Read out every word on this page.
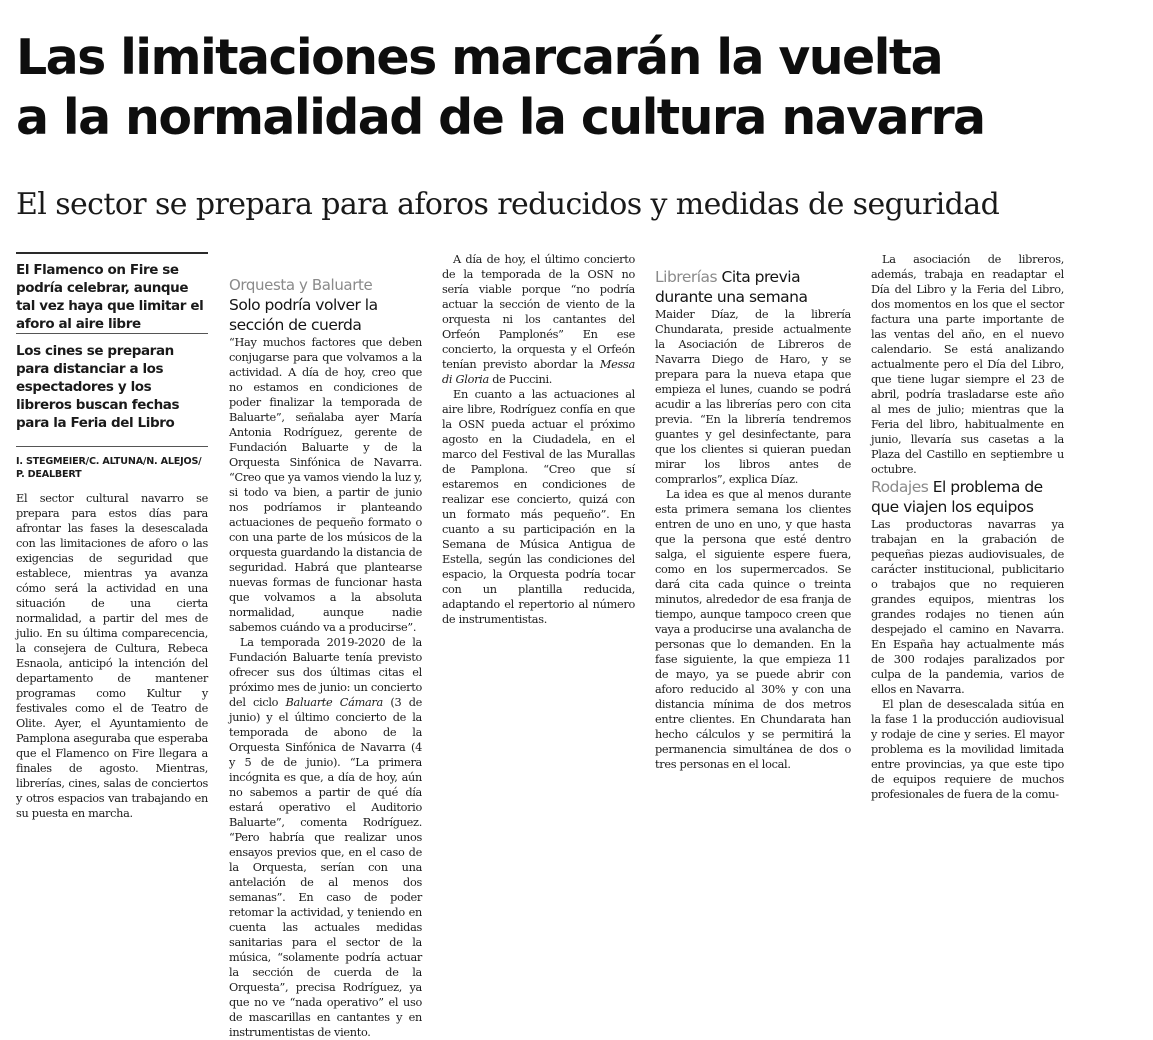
Las limitaciones marcarán la vuelta
a la normalidad de la cultura navarra
El sector se prepara para aforos reducidos y medidas de seguridad

El Flamenco on Fire se podría celebrar, aunque tal vez haya que limitar el aforo al aire libre

Los cines se preparan para distanciar a los espectadores y los libreros buscan fechas para la Feria del Libro

I. STEGMEIER/C. ALTUNA/N. ALEJOS/ P. DEALBERT

El sector cultural navarro se prepara para estos días para afrontar las fases la desescalada con las limitaciones de aforo o las exigencias de seguridad que establece, mientras ya avanza cómo será la actividad en una situación de una cierta normalidad, a partir del mes de julio. En su última comparecencia, la consejera de Cultura, Rebeca Esnaola, anticipó la intención del departamento de mantener programas como Kultur y festivales como el de Teatro de Olite. Ayer, el Ayuntamiento de Pamplona aseguraba que esperaba que el Flamenco on Fire llegara a finales de agosto. Mientras, librerías, cines, salas de conciertos y otros espacios van trabajando en su puesta en marcha.

Orquesta y Baluarte

Solo podría volver la sección de cuerda

“Hay muchos factores que deben conjugarse para que volvamos a la actividad. A día de hoy, creo que no estamos en condiciones de poder finalizar la temporada de Baluarte”, señalaba ayer María Antonia Rodríguez, gerente de Fundación Baluarte y de la Orquesta Sinfónica de Navarra. “Creo que ya vamos viendo la luz y, si todo va bien, a partir de junio nos podríamos ir planteando actuaciones de pequeño formato o con una parte de los músicos de la orquesta guardando la distancia de seguridad. Habrá que plantearse nuevas formas de funcionar hasta que volvamos a la absoluta normalidad, aunque nadie sabemos cuándo va a producirse”.

La temporada 2019-2020 de la Fundación Baluarte tenía previsto ofrecer sus dos últimas citas el próximo mes de junio: un concierto del ciclo Baluarte Cámara (3 de junio) y el último concierto de la temporada de abono de la Orquesta Sinfónica de Navarra (4 y 5 de de junio). “La primera incógnita es que, a día de hoy, aún no sabemos a partir de qué día estará operativo el Auditorio Baluarte”, comenta Rodríguez. “Pero habría que realizar unos ensayos previos que, en el caso de la Orquesta, serían con una antelación de al menos dos semanas”. En caso de poder retomar la actividad, y teniendo en cuenta las actuales medidas sanitarias para el sector de la música, “solamente podría actuar la sección de cuerda de la Orquesta”, precisa Rodríguez, ya que no ve “nada operativo” el uso de mascarillas en cantantes y en instrumentistas de viento.

A día de hoy, el último concierto de la temporada de la OSN no sería viable porque “no podría actuar la sección de viento de la orquesta ni los cantantes del Orfeón Pamplonés” En ese concierto, la orquesta y el Orfeón tenían previsto abordar la Messa di Gloria de Puccini.

En cuanto a las actuaciones al aire libre, Rodríguez confía en que la OSN pueda actuar el próximo agosto en la Ciudadela, en el marco del Festival de las Murallas de Pamplona. “Creo que sí estaremos en condiciones de realizar ese concierto, quizá con un formato más pequeño”. En cuanto a su participación en la Semana de Música Antigua de Estella, según las condiciones del espacio, la Orquesta podría tocar con un plantilla reducida, adaptando el repertorio al número de instrumentistas.

Librerías Cita previa durante una semana

Maider Díaz, de la librería Chundarata, preside actualmente la Asociación de Libreros de Navarra Diego de Haro, y se prepara para la nueva etapa que empieza el lunes, cuando se podrá acudir a las librerías pero con cita previa. “En la librería tendremos guantes y gel desinfectante, para que los clientes si quieran puedan mirar los libros antes de comprarlos”, explica Díaz.

La idea es que al menos durante esta primera semana los clientes entren de uno en uno, y que hasta que la persona que esté dentro salga, el siguiente espere fuera, como en los supermercados. Se dará cita cada quince o treinta minutos, alrededor de esa franja de tiempo, aunque tampoco creen que vaya a producirse una avalancha de personas que lo demanden. En la fase siguiente, la que empieza 11 de mayo, ya se puede abrir con aforo reducido al 30% y con una distancia mínima de dos metros entre clientes. En Chundarata han hecho cálculos y se permitirá la permanencia simultánea de dos o tres personas en el local.

La asociación de libreros, además, trabaja en readaptar el Día del Libro y la Feria del Libro, dos momentos en los que el sector factura una parte importante de las ventas del año, en el nuevo calendario. Se está analizando actualmente pero el Día del Libro, que tiene lugar siempre el 23 de abril, podría trasladarse este año al mes de julio; mientras que la Feria del libro, habitualmente en junio, llevaría sus casetas a la Plaza del Castillo en septiembre u octubre.

Rodajes El problema de que viajen los equipos

Las productoras navarras ya trabajan en la grabación de pequeñas piezas audiovisuales, de carácter institucional, publicitario o trabajos que no requieren grandes equipos, mientras los grandes rodajes no tienen aún despejado el camino en Navarra. En España hay actualmente más de 300 rodajes paralizados por culpa de la pandemia, varios de ellos en Navarra.

El plan de desescalada sitúa en la fase 1 la producción audiovisual y rodaje de cine y series. El mayor problema es la movilidad limitada entre provincias, ya que este tipo de equipos requiere de muchos profesionales de fuera de la comu-
